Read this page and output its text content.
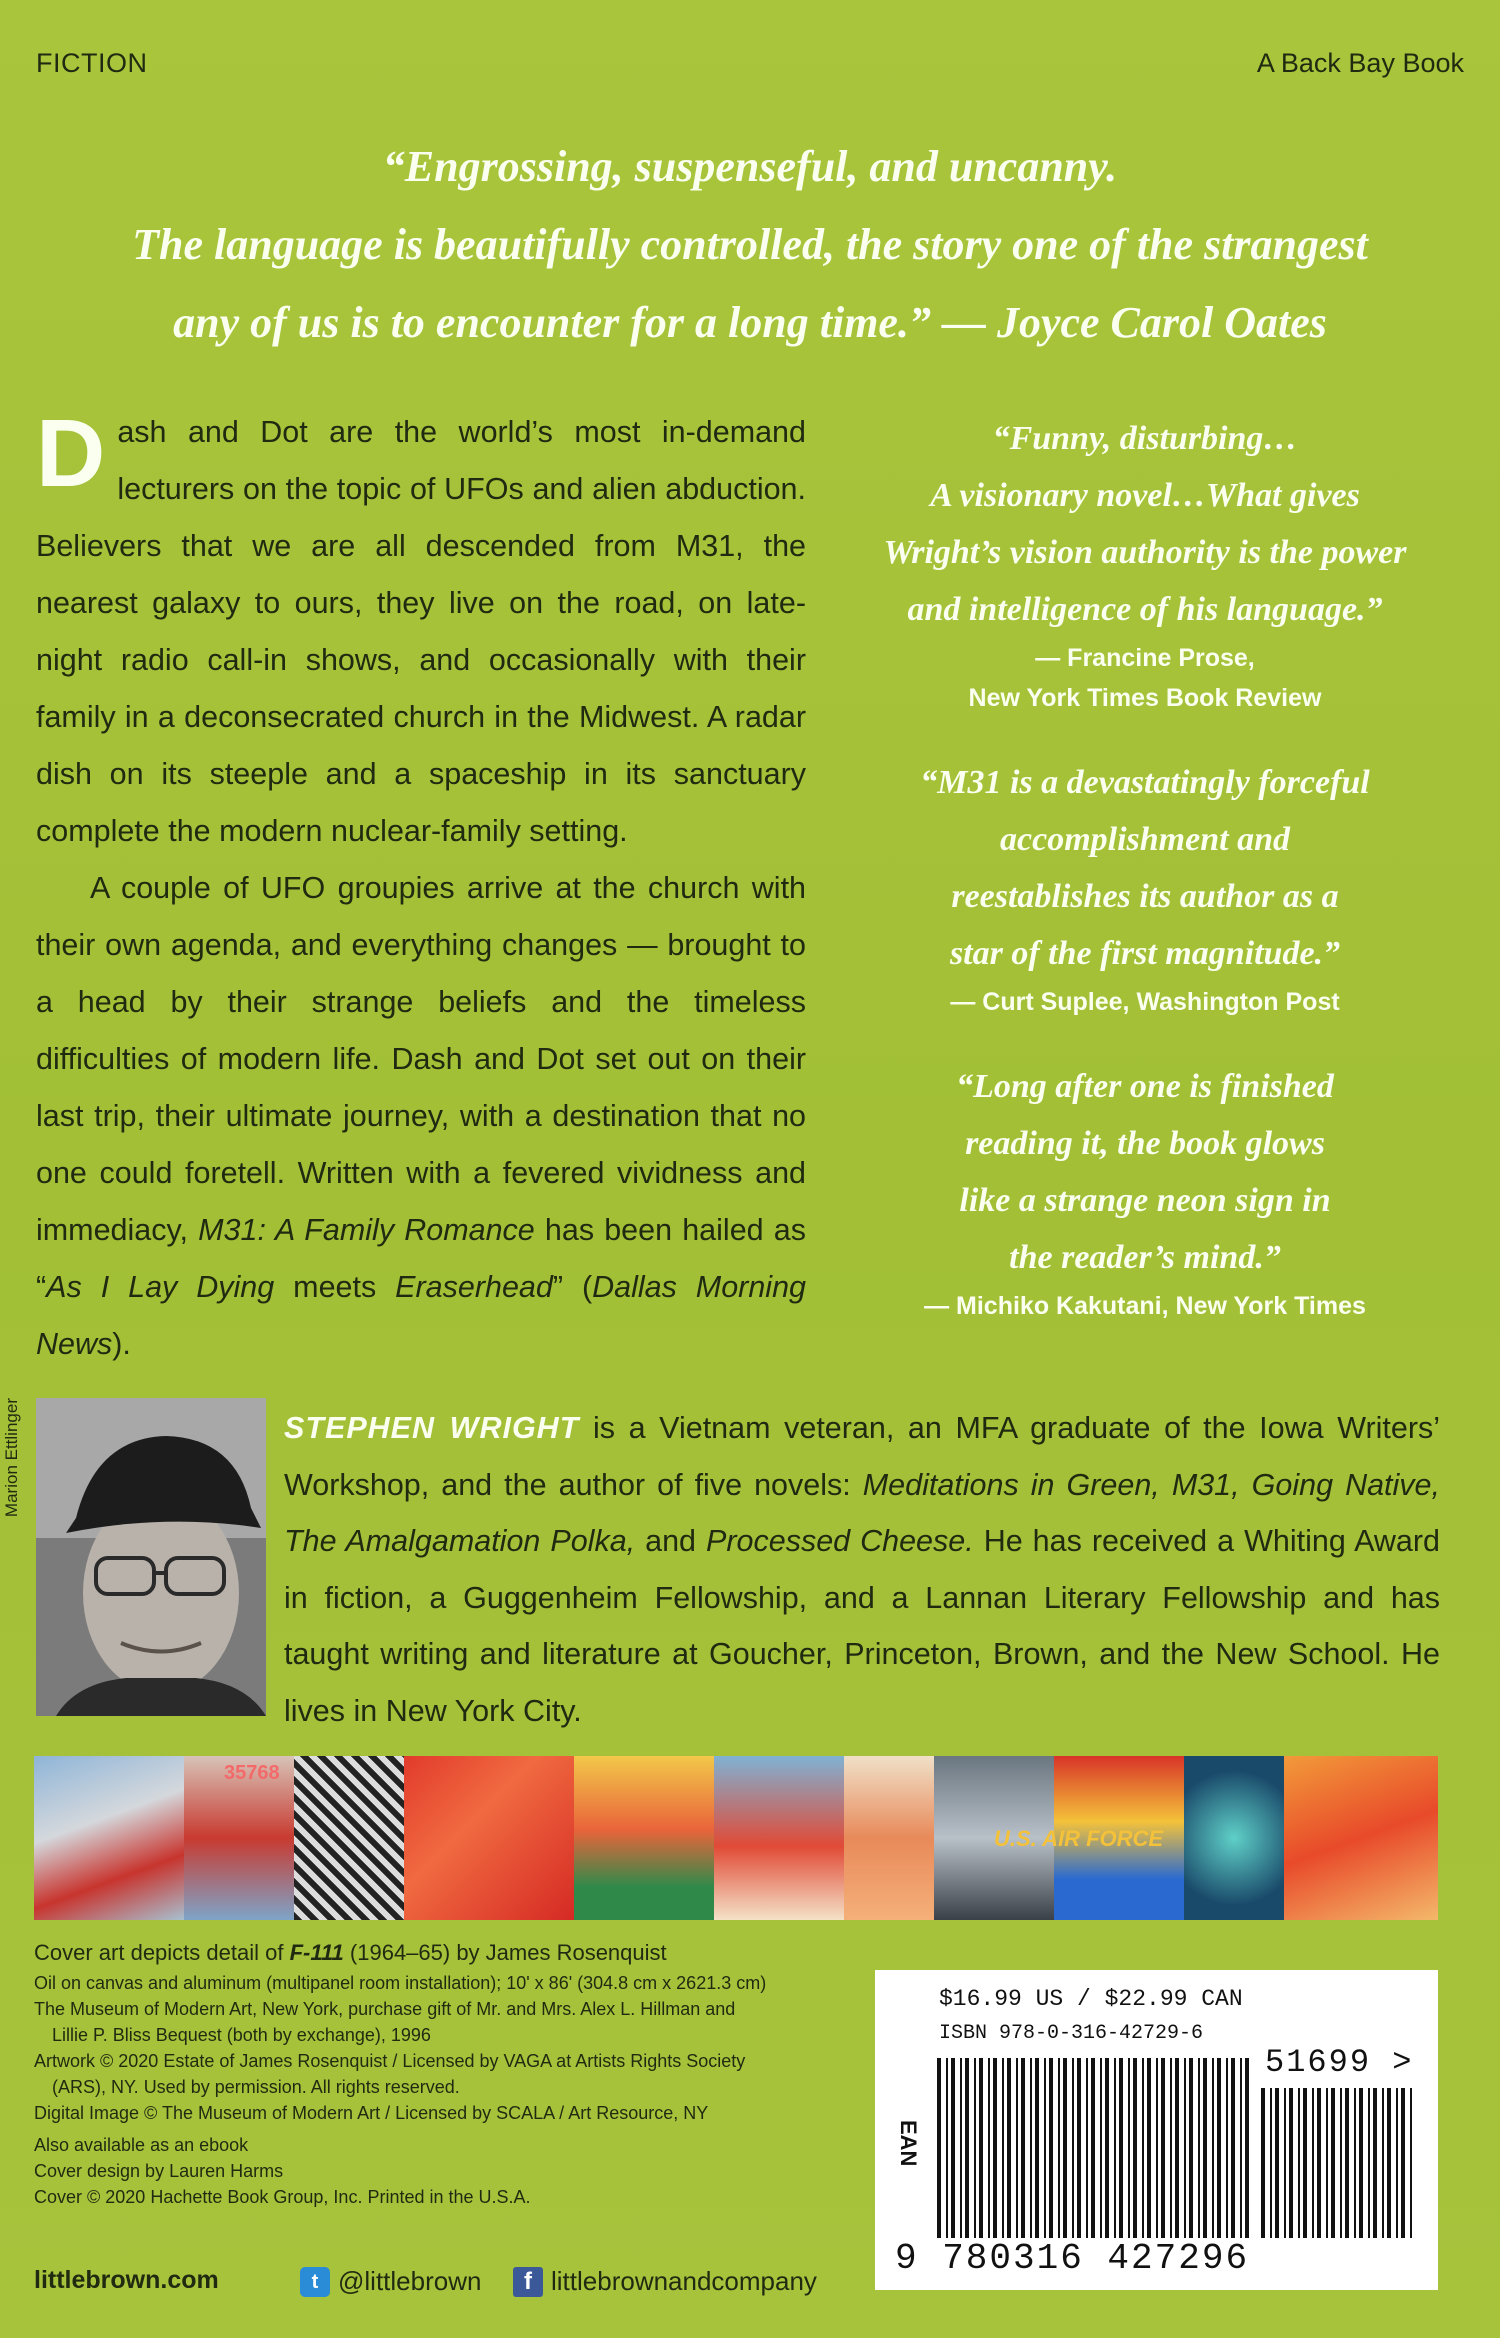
FICTION	A Back Bay Book
“Engrossing, suspenseful, and uncanny.
The language is beautifully controlled, the story one of the strangest
any of us is to encounter for a long time.” — Joyce Carol Oates

Dash and Dot are the world’s most in-demand lecturers on the topic of UFOs and alien abduction. Believers that we are all descended from M31, the nearest galaxy to ours, they live on the road, on late-night radio call-in shows, and occasionally with their family in a deconsecrated church in the Midwest. A radar dish on its steeple and a spaceship in its sanctuary complete the modern nuclear-family setting.

A couple of UFO groupies arrive at the church with their own agenda, and everything changes — brought to a head by their strange beliefs and the timeless difficulties of modern life. Dash and Dot set out on their last trip, their ultimate journey, with a destination that no one could foretell. Written with a fevered vividness and immediacy, M31: A Family Romance has been hailed as “As I Lay Dying meets Eraserhead” (Dallas Morning News).

“Funny, disturbing…
A visionary novel…What gives
Wright’s vision authority is the power
and intelligence of his language.”
— Francine Prose,
New York Times Book Review
“M31 is a devastatingly forceful
accomplishment and
reestablishes its author as a
star of the first magnitude.”
— Curt Suplee, Washington Post
“Long after one is finished
reading it, the book glows
like a strange neon sign in
the reader’s mind.”
— Michiko Kakutani, New York Times
Marion Ettlinger	STEPHEN WRIGHT is a Vietnam veteran, an MFA graduate of the Iowa Writers’ Workshop, and the author of five novels: Meditations in Green, M31, Going Native, The Amalgamation Polka, and Processed Cheese. He has received a Whiting Award in fiction, a Guggenheim Fellowship, and a Lannan Literary Fellowship and has taught writing and literature at Goucher, Princeton, Brown, and the New School. He lives in New York City.
35768
U.S. AIR FORCE
Cover art depicts detail of F-111 (1964–65) by James Rosenquist
Oil on canvas and aluminum (multipanel room installation); 10' x 86' (304.8 cm x 2621.3 cm)
The Museum of Modern Art, New York, purchase gift of Mr. and Mrs. Alex L. Hillman and
Lillie P. Bliss Bequest (both by exchange), 1996
Artwork © 2020 Estate of James Rosenquist / Licensed by VAGA at Artists Rights Society
(ARS), NY. Used by permission. All rights reserved.
Digital Image © The Museum of Modern Art / Licensed by SCALA / Art Resource, NY
Also available as an ebook
Cover design by Lauren Harms
Cover © 2020 Hachette Book Group, Inc. Printed in the U.S.A.
littlebrown.com	t @littlebrown	f littlebrownandcompany
$16.99 US / $22.99 CAN
ISBN 978-0-316-42729-6
EAN
51699 >
9 780316 427296
